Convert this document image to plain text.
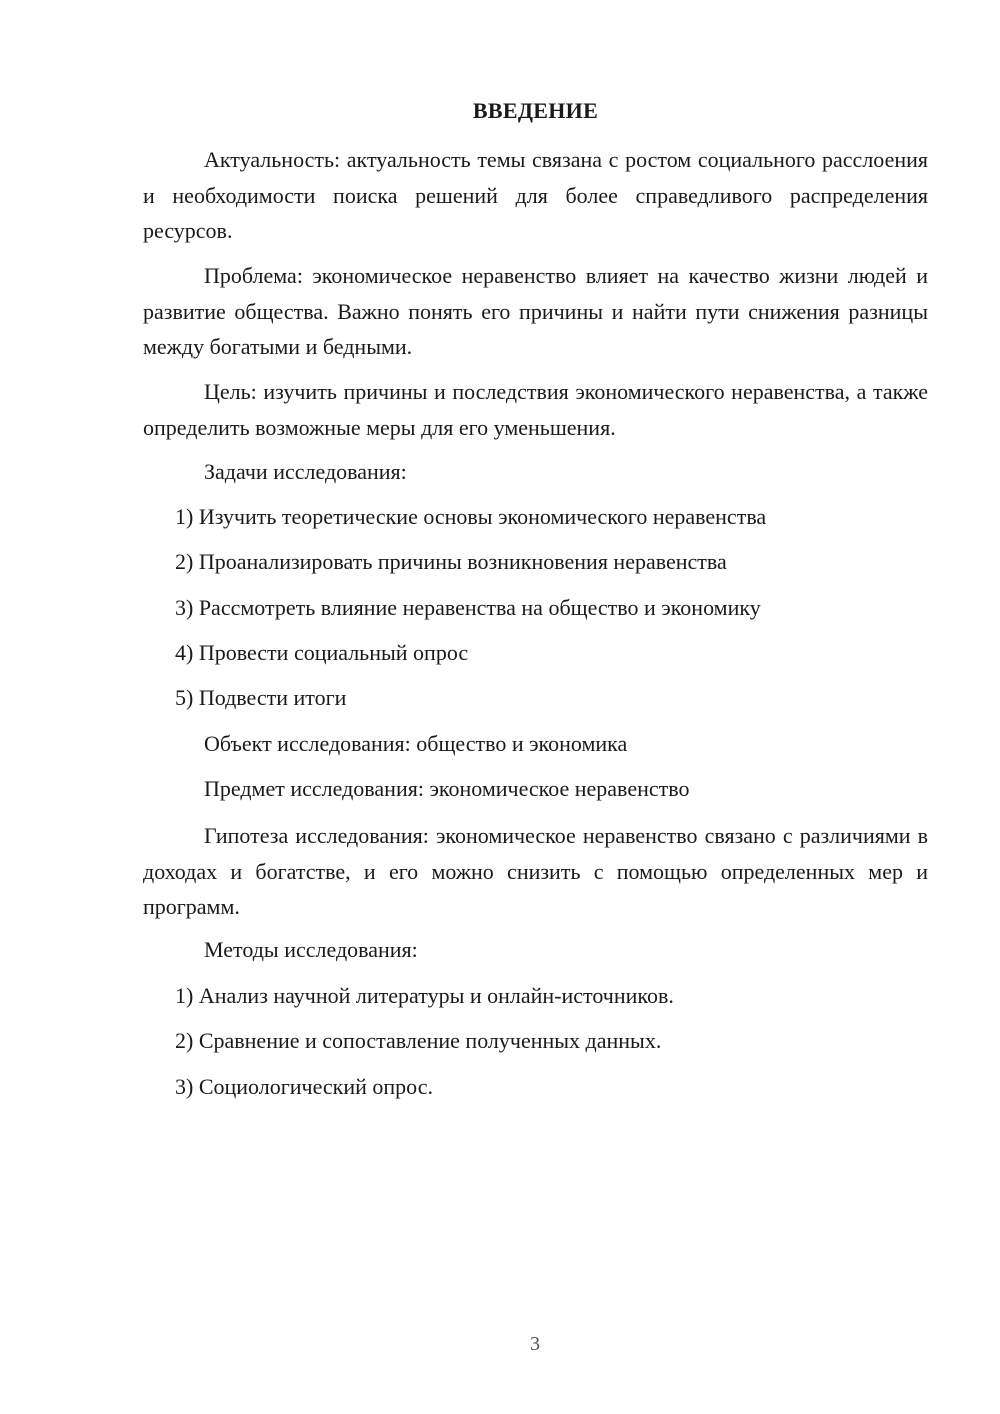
ВВЕДЕНИЕ

Актуальность: актуальность темы связана с ростом социального расслоения и необходимости поиска решений для более справедливого распределения ресурсов.

Проблема: экономическое неравенство влияет на качество жизни людей и развитие общества. Важно понять его причины и найти пути снижения разницы между богатыми и бедными.

Цель: изучить причины и последствия экономического неравенства, а также определить возможные меры для его уменьшения.

Задачи исследования:
1) Изучить теоретические основы экономического неравенства
2) Проанализировать причины возникновения неравенства
3) Рассмотреть влияние неравенства на общество и экономику
4) Провести социальный опрос
5) Подвести итоги
Объект исследования: общество и экономика
Предмет исследования: экономическое неравенство

Гипотеза исследования: экономическое неравенство связано с различиями в доходах и богатстве, и его можно снизить с помощью определенных мер и программ.

Методы исследования:
1) Анализ научной литературы и онлайн-источников.
2) Сравнение и сопоставление полученных данных.
3) Социологический опрос.
3
